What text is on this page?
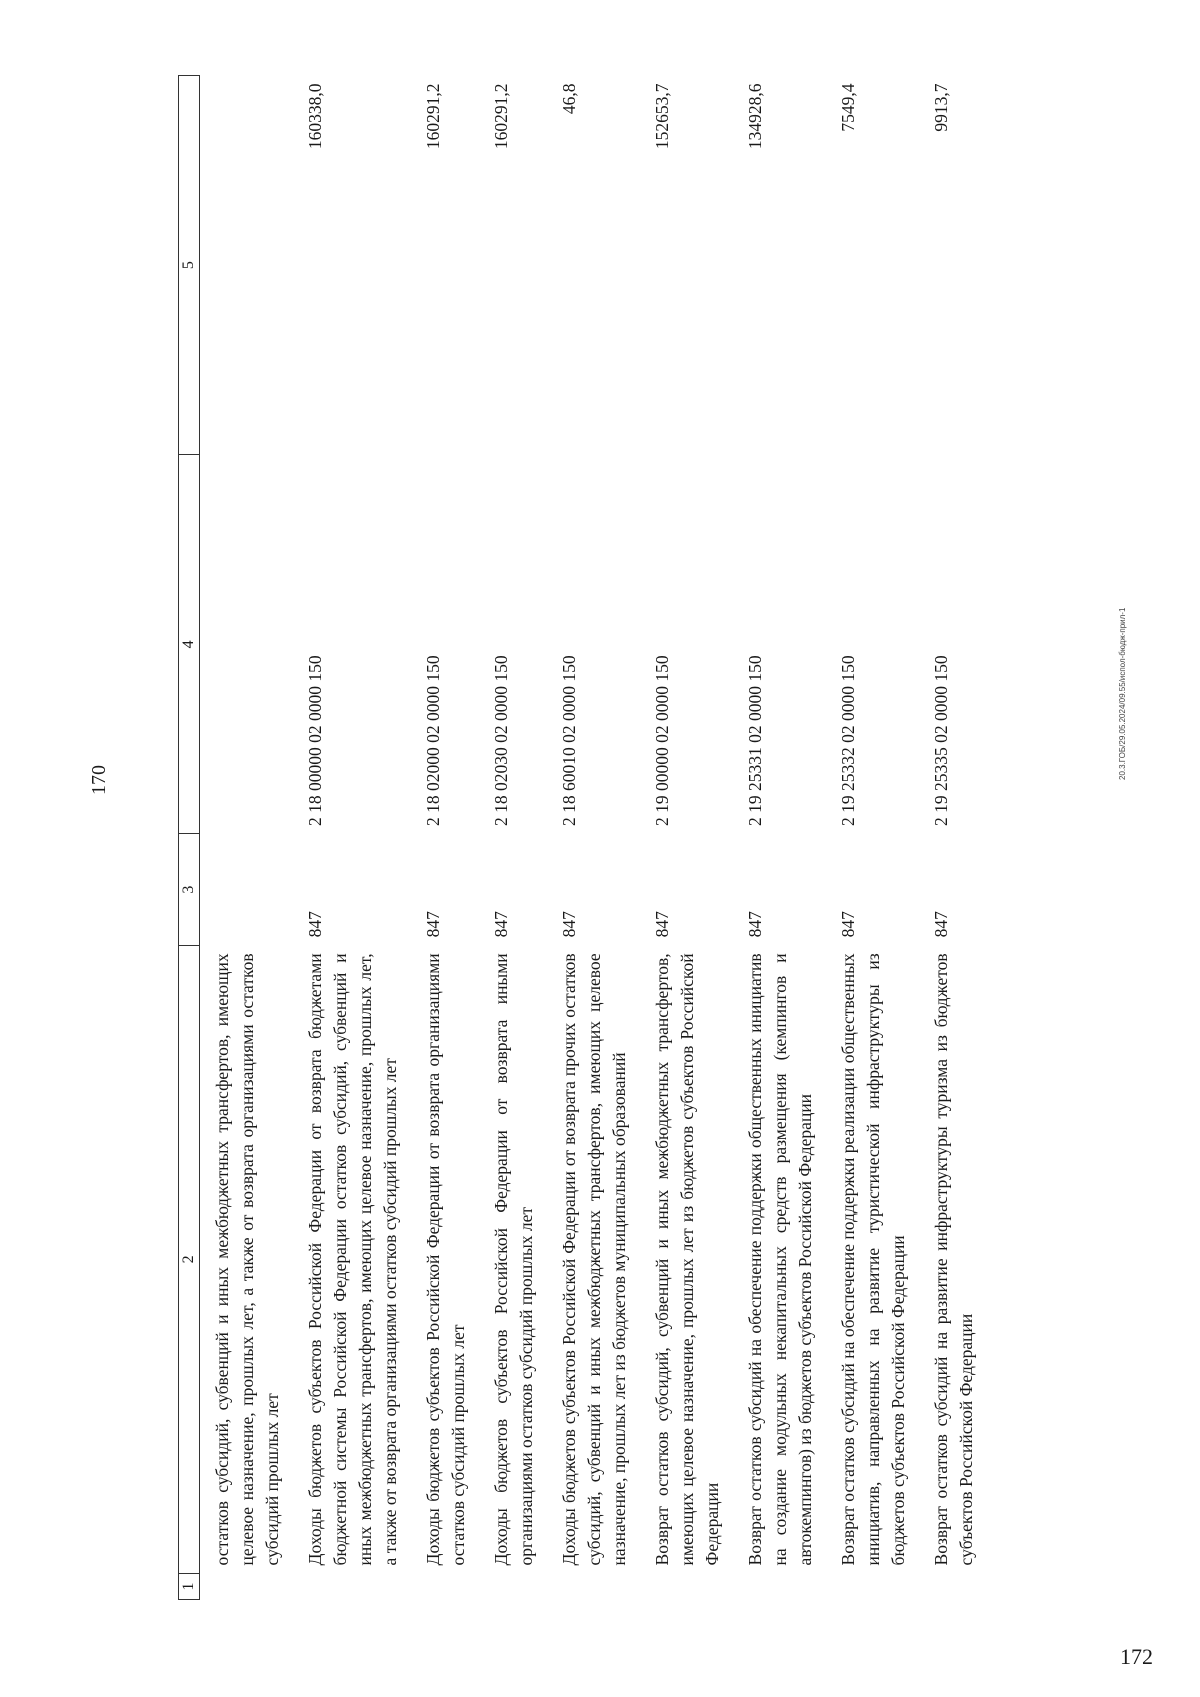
170
172
20.3.ГОБ/29.05.2024/09.55/испол-бюдж-прил-1
1	2	3	4	5
	остатков субсидий, субвенций и иных межбюджетных трансфертов, имеющих целевое назначение, прошлых лет, а также от возврата организациями остатков субсидий прошлых лет			
	Доходы бюджетов субъектов Российской Федерации от возврата бюджетами бюджетной системы Российской Федерации остатков субсидий, субвенций и иных межбюджетных трансфертов, имеющих целевое назначение, прошлых лет, а также от возврата организациями остатков субсидий прошлых лет	847	2 18 00000 02 0000 150	160338,0
	Доходы бюджетов субъектов Российской Федерации от возврата организациями остатков субсидий прошлых лет	847	2 18 02000 02 0000 150	160291,2
	Доходы бюджетов субъектов Российской Федерации от возврата иными организациями остатков субсидий прошлых лет	847	2 18 02030 02 0000 150	160291,2
	Доходы бюджетов субъектов Российской Федерации от возврата прочих остатков субсидий, субвенций и иных межбюджетных трансфертов, имеющих целевое назначение, прошлых лет из бюджетов муниципальных образований	847	2 18 60010 02 0000 150	46,8
	Возврат остатков субсидий, субвенций и иных межбюджетных трансфертов, имеющих целевое назначение, прошлых лет из бюджетов субъектов Российской Федерации	847	2 19 00000 02 0000 150	152653,7
	Возврат остатков субсидий на обеспечение поддержки общественных инициатив на создание модульных некапитальных средств размещения (кемпингов и автокемпингов) из бюджетов субъектов Российской Федерации	847	2 19 25331 02 0000 150	134928,6
	Возврат остатков субсидий на обеспечение поддержки реализации общественных инициатив, направленных на развитие туристической инфраструктуры из бюджетов субъектов Российской Федерации	847	2 19 25332 02 0000 150	7549,4
	Возврат остатков субсидий на развитие инфраструктуры туризма из бюджетов субъектов Российской Федерации	847	2 19 25335 02 0000 150	9913,7
